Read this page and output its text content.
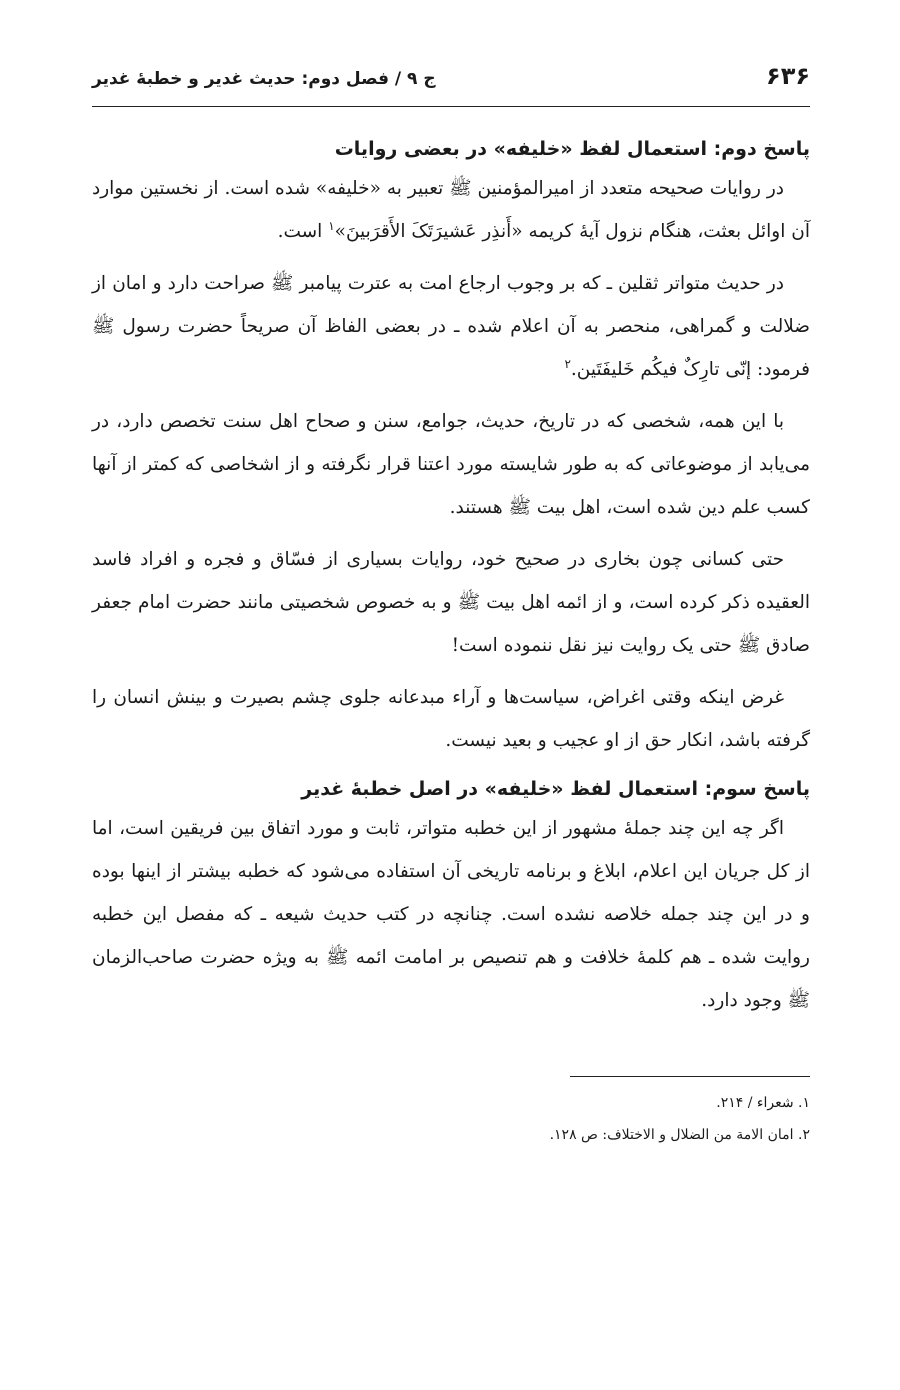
۶۳۶
ج ۹ / فصل دوم: حدیث غدیر و خطبهٔ غدیر
پاسخ دوم: استعمال لفظ «خلیفه» در بعضی روایات

در روایات صحیحه متعدد از امیرالمؤمنین ﷺ تعبیر به «خلیفه» شده است. از نخستین موارد آن اوائل بعثت، هنگام نزول آیهٔ کریمه «أَنذِر عَشیرَتَکَ الأَقرَبینَ»$^۱$ است.

در حدیث متواتر ثقلین ـ که بر وجوب ارجاع امت به عترت پیامبر ﷺ صراحت دارد و امان از ضلالت و گمراهی، منحصر به آن اعلام شده ـ در بعضی الفاظ آن صریحاً حضرت رسول ﷺ فرمود: إنّی تارِکٌ فیکُم خَلیفَتَین.$^۲$

با این همه، شخصی که در تاریخ، حدیث، جوامع، سنن و صحاح اهل سنت تخصص دارد، در می‌یابد از موضوعاتی که به طور شایسته مورد اعتنا قرار نگرفته و از اشخاصی که کمتر از آنها کسب علم دین شده است، اهل بیت ﷺ هستند.

حتی کسانی چون بخاری در صحیح خود، روایات بسیاری از فسّاق و فجره و افراد فاسد العقیده ذکر کرده است، و از ائمه اهل بیت ﷺ و به خصوص شخصیتی مانند حضرت امام جعفر صادق ﷺ حتی یک روایت نیز نقل ننموده است!

غرض اینکه وقتی اغراض، سیاست‌ها و آراء مبدعانه جلوی چشم بصیرت و بینش انسان را گرفته باشد، انکار حق از او عجیب و بعید نیست.

پاسخ سوم: استعمال لفظ «خلیفه» در اصل خطبهٔ غدیر

اگر چه این چند جملهٔ مشهور از این خطبه متواتر، ثابت و مورد اتفاق بین فریقین است، اما از کل جریان این اعلام، ابلاغ و برنامه تاریخی آن استفاده می‌شود که خطبه بیشتر از اینها بوده و در این چند جمله خلاصه نشده است. چنانچه در کتب حدیث شیعه ـ که مفصل این خطبه روایت شده ـ هم کلمهٔ خلافت و هم تنصیص بر امامت ائمه ﷺ به ویژه حضرت صاحب‌الزمان ﷺ وجود دارد.

۱. شعراء / ۲۱۴.

۲. امان الامة من الضلال و الاختلاف: ص ۱۲۸.
